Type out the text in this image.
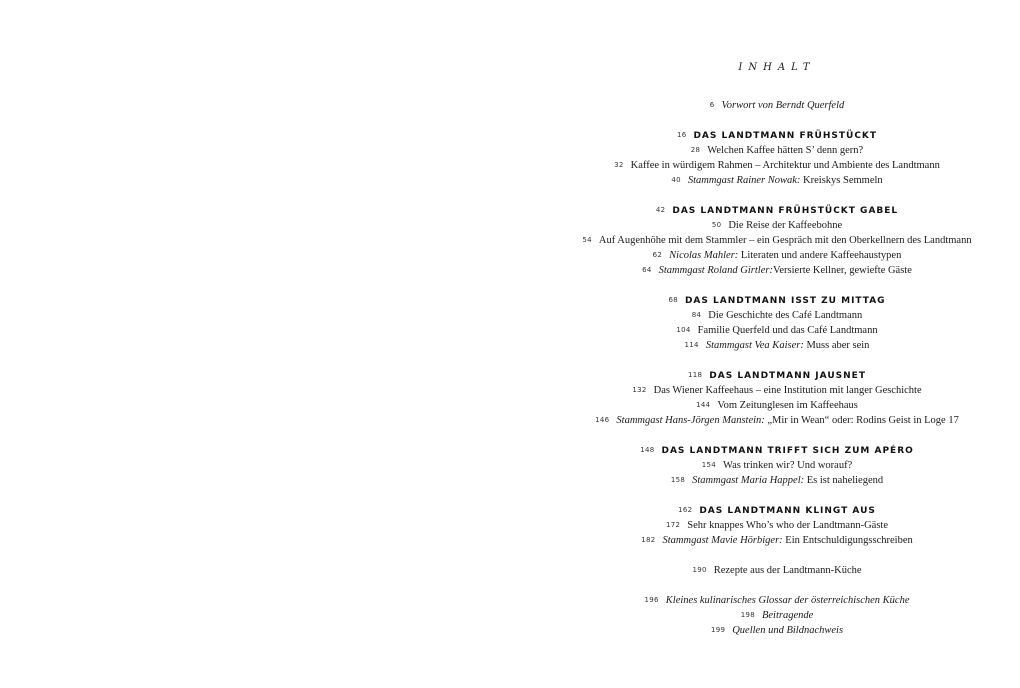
INHALT
6 Vorwort von Berndt Querfeld
16 DAS LANDTMANN FRÜHSTÜCKT
28 Welchen Kaffee hätten S’ denn gern?
32 Kaffee in würdigem Rahmen – Architektur und Ambiente des Landtmann
40 Stammgast Rainer Nowak: Kreiskys Semmeln
42 DAS LANDTMANN FRÜHSTÜCKT GABEL
50 Die Reise der Kaffeebohne
54 Auf Augenhöhe mit dem Stammler – ein Gespräch mit den Oberkellnern des Landtmann
62 Nicolas Mahler: Literaten und andere Kaffeehaustypen
64 Stammgast Roland Girtler:Versierte Kellner, gewiefte Gäste
68 DAS LANDTMANN ISST ZU MITTAG
84 Die Geschichte des Café Landtmann
104 Familie Querfeld und das Café Landtmann
114 Stammgast Vea Kaiser: Muss aber sein
118 DAS LANDTMANN JAUSNET
132 Das Wiener Kaffeehaus – eine Institution mit langer Geschichte
144 Vom Zeitunglesen im Kaffeehaus
146 Stammgast Hans-Jörgen Manstein: „Mir in Wean“ oder: Rodins Geist in Loge 17
148 DAS LANDTMANN TRIFFT SICH ZUM APÉRO
154 Was trinken wir? Und worauf?
158 Stammgast Maria Happel: Es ist naheliegend
162 DAS LANDTMANN KLINGT AUS
172 Sehr knappes Who’s who der Landtmann-Gäste
182 Stammgast Mavie Hörbiger: Ein Entschuldigungsschreiben
190 Rezepte aus der Landtmann-Küche
196 Kleines kulinarisches Glossar der österreichischen Küche
198 Beitragende
199 Quellen und Bildnachweis
